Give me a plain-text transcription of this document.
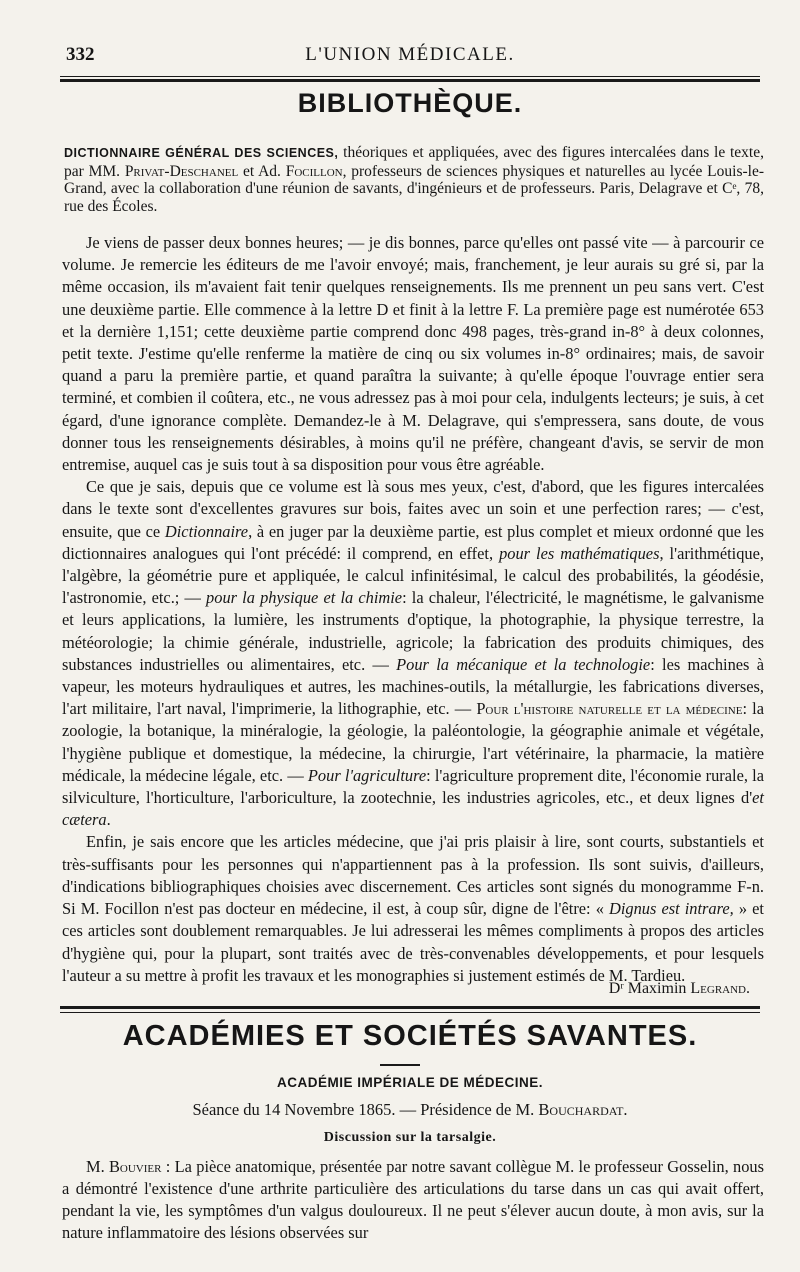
332	L'UNION MÉDICALE.
BIBLIOTHÈQUE.

DICTIONNAIRE GÉNÉRAL DES SCIENCES, théoriques et appliquées, avec des figures intercalées dans le texte, par MM. Privat-Deschanel et Ad. Focillon, professeurs de sciences physiques et naturelles au lycée Louis-le-Grand, avec la collaboration d'une réunion de savants, d'ingénieurs et de professeurs. Paris, Delagrave et Cᵉ, 78, rue des Écoles.

Je viens de passer deux bonnes heures; — je dis bonnes, parce qu'elles ont passé vite — à parcourir ce volume. Je remercie les éditeurs de me l'avoir envoyé; mais, franchement, je leur aurais su gré si, par la même occasion, ils m'avaient fait tenir quelques renseignements. Ils me prennent un peu sans vert. C'est une deuxième partie. Elle commence à la lettre D et finit à la lettre F. La première page est numérotée 653 et la dernière 1,151; cette deuxième partie comprend donc 498 pages, très-grand in-8° à deux colonnes, petit texte. J'estime qu'elle renferme la matière de cinq ou six volumes in-8° ordinaires; mais, de savoir quand a paru la première partie, et quand paraîtra la suivante; à qu'elle époque l'ouvrage entier sera terminé, et combien il coûtera, etc., ne vous adressez pas à moi pour cela, indulgents lecteurs; je suis, à cet égard, d'une ignorance complète. Demandez-le à M. Delagrave, qui s'empressera, sans doute, de vous donner tous les renseignements désirables, à moins qu'il ne préfère, changeant d'avis, se servir de mon entremise, auquel cas je suis tout à sa disposition pour vous être agréable.

Ce que je sais, depuis que ce volume est là sous mes yeux, c'est, d'abord, que les figures intercalées dans le texte sont d'excellentes gravures sur bois, faites avec un soin et une perfection rares; — c'est, ensuite, que ce Dictionnaire, à en juger par la deuxième partie, est plus complet et mieux ordonné que les dictionnaires analogues qui l'ont précédé: il comprend, en effet, pour les mathématiques, l'arithmétique, l'algèbre, la géométrie pure et appliquée, le calcul infinitésimal, le calcul des probabilités, la géodésie, l'astronomie, etc.; — pour la physique et la chimie: la chaleur, l'électricité, le magnétisme, le galvanisme et leurs applications, la lumière, les instruments d'optique, la photographie, la physique terrestre, la météorologie; la chimie générale, industrielle, agricole; la fabrication des produits chimiques, des substances industrielles ou alimentaires, etc. — Pour la mécanique et la technologie: les machines à vapeur, les moteurs hydrauliques et autres, les machines-outils, la métallurgie, les fabrications diverses, l'art militaire, l'art naval, l'imprimerie, la lithographie, etc. — Pour l'histoire naturelle et la médecine: la zoologie, la botanique, la minéralogie, la géologie, la paléontologie, la géographie animale et végétale, l'hygiène publique et domestique, la médecine, la chirurgie, l'art vétérinaire, la pharmacie, la matière médicale, la médecine légale, etc. — Pour l'agriculture: l'agriculture proprement dite, l'économie rurale, la silviculture, l'horticulture, l'arboriculture, la zootechnie, les industries agricoles, etc., et deux lignes d'et cætera.

Enfin, je sais encore que les articles médecine, que j'ai pris plaisir à lire, sont courts, substantiels et très-suffisants pour les personnes qui n'appartiennent pas à la profession. Ils sont suivis, d'ailleurs, d'indications bibliographiques choisies avec discernement. Ces articles sont signés du monogramme F-n. Si M. Focillon n'est pas docteur en médecine, il est, à coup sûr, digne de l'être: « Dignus est intrare, » et ces articles sont doublement remarquables. Je lui adresserai les mêmes compliments à propos des articles d'hygiène qui, pour la plupart, sont traités avec de très-convenables développements, et pour lesquels l'auteur a su mettre à profit les travaux et les monographies si justement estimés de M. Tardieu.

Dʳ Maximin Legrand.
ACADÉMIES ET SOCIÉTÉS SAVANTES.
ACADÉMIE IMPÉRIALE DE MÉDECINE.
Séance du 14 Novembre 1865. — Présidence de M. Bouchardat.
Discussion sur la tarsalgie.

M. Bouvier : La pièce anatomique, présentée par notre savant collègue M. le professeur Gosselin, nous a démontré l'existence d'une arthrite particulière des articulations du tarse dans un cas qui avait offert, pendant la vie, les symptômes d'un valgus douloureux. Il ne peut s'élever aucun doute, à mon avis, sur la nature inflammatoire des lésions observées sur
